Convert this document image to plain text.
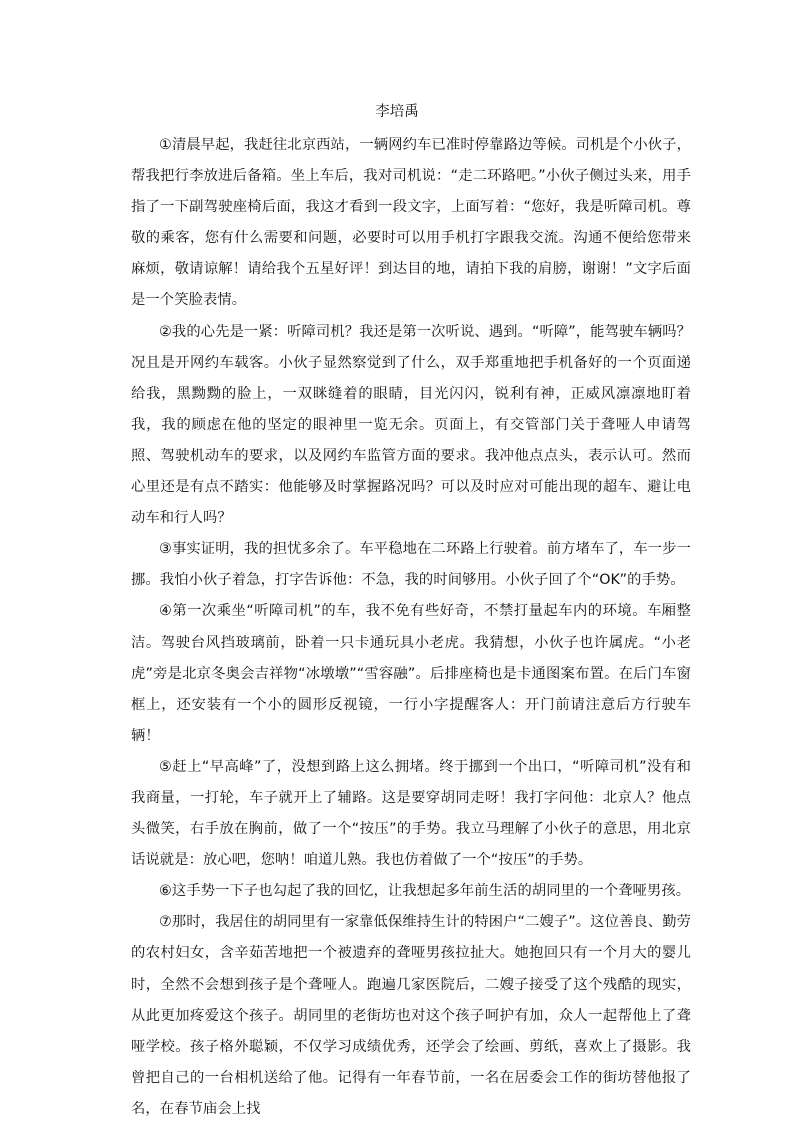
李培禹

①清晨早起，我赶往北京西站，一辆网约车已准时停靠路边等候。司机是个小伙子，帮我把行李放进后备箱。坐上车后，我对司机说：“走二环路吧。”小伙子侧过头来，用手指了一下副驾驶座椅后面，我这才看到一段文字，上面写着：“您好，我是听障司机。尊敬的乘客，您有什么需要和问题，必要时可以用手机打字跟我交流。沟通不便给您带来麻烦，敬请谅解！请给我个五星好评！到达目的地，请拍下我的肩膀，谢谢！”文字后面是一个笑脸表情。

②我的心先是一紧：听障司机？我还是第一次听说、遇到。“听障”，能驾驶车辆吗？况且是开网约车载客。小伙子显然察觉到了什么，双手郑重地把手机备好的一个页面递给我，黑黝黝的脸上，一双眯缝着的眼睛，目光闪闪，锐利有神，正威风凛凛地盯着我，我的顾虑在他的坚定的眼神里一览无余。页面上，有交管部门关于聋哑人申请驾照、驾驶机动车的要求，以及网约车监管方面的要求。我冲他点点头，表示认可。然而心里还是有点不踏实：他能够及时掌握路况吗？可以及时应对可能出现的超车、避让电动车和行人吗？

③事实证明，我的担忧多余了。车平稳地在二环路上行驶着。前方堵车了，车一步一挪。我怕小伙子着急，打字告诉他：不急，我的时间够用。小伙子回了个“OK”的手势。

④第一次乘坐“听障司机”的车，我不免有些好奇，不禁打量起车内的环境。车厢整洁。驾驶台风挡玻璃前，卧着一只卡通玩具小老虎。我猜想，小伙子也许属虎。“小老虎”旁是北京冬奥会吉祥物“冰墩墩”“雪容融”。后排座椅也是卡通图案布置。在后门车窗框上，还安装有一个小的圆形反视镜，一行小字提醒客人：开门前请注意后方行驶车辆！

⑤赶上“早高峰”了，没想到路上这么拥堵。终于挪到一个出口，“听障司机”没有和我商量，一打轮，车子就开上了辅路。这是要穿胡同走呀！我打字问他：北京人？他点头微笑，右手放在胸前，做了一个“按压”的手势。我立马理解了小伙子的意思，用北京话说就是：放心吧，您呐！咱道儿熟。我也仿着做了一个“按压”的手势。

⑥这手势一下子也勾起了我的回忆，让我想起多年前生活的胡同里的一个聋哑男孩。

⑦那时，我居住的胡同里有一家靠低保维持生计的特困户“二嫂子”。这位善良、勤劳的农村妇女，含辛茹苦地把一个被遗弃的聋哑男孩拉扯大。她抱回只有一个月大的婴儿时，全然不会想到孩子是个聋哑人。跑遍几家医院后，二嫂子接受了这个残酷的现实，从此更加疼爱这个孩子。胡同里的老街坊也对这个孩子呵护有加，众人一起帮他上了聋哑学校。孩子格外聪颖，不仅学习成绩优秀，还学会了绘画、剪纸，喜欢上了摄影。我曾把自己的一台相机送给了他。记得有一年春节前，一名在居委会工作的街坊替他报了名，在春节庙会上找
